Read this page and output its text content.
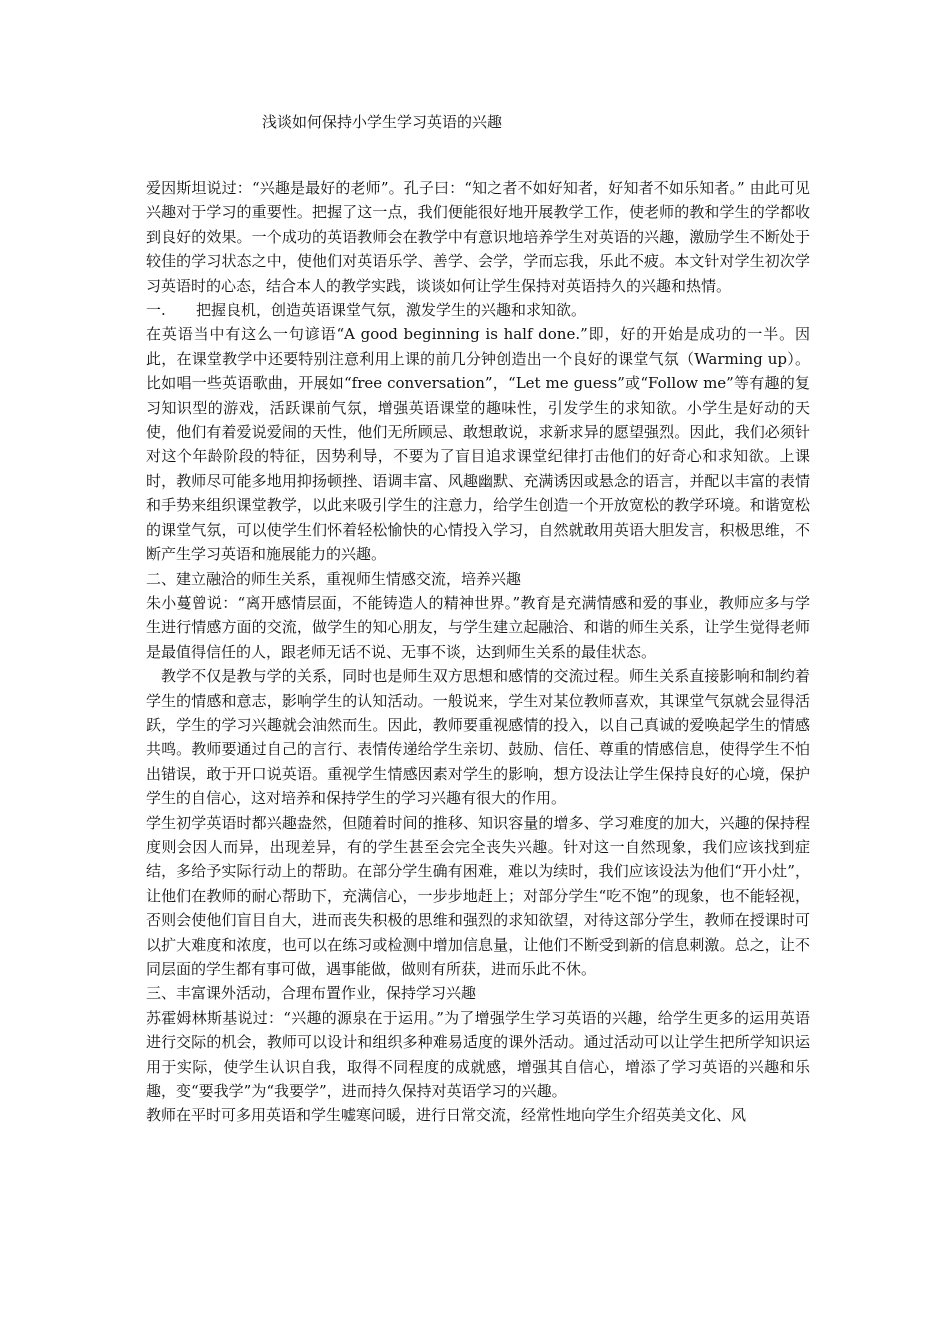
浅谈如何保持小学生学习英语的兴趣

爱因斯坦说过：“兴趣是最好的老师”。孔子曰：“知之者不如好知者，好知者不如乐知者。” 由此可见兴趣对于学习的重要性。把握了这一点，我们便能很好地开展教学工作，使老师的教和学生的学都收到良好的效果。一个成功的英语教师会在教学中有意识地培养学生对英语的兴趣，激励学生不断处于较佳的学习状态之中，使他们对英语乐学、善学、会学，学而忘我，乐此不疲。本文针对学生初次学习英语时的心态，结合本人的教学实践，谈谈如何让学生保持对英语持久的兴趣和热情。

一. 把握良机，创造英语课堂气氛，激发学生的兴趣和求知欲。

在英语当中有这么一句谚语“A good beginning is half done.”即，好的开始是成功的一半。因此，在课堂教学中还要特别注意利用上课的前几分钟创造出一个良好的课堂气氛（Warming up）。比如唱一些英语歌曲，开展如“free conversation”，“Let me guess”或“Follow me”等有趣的复习知识型的游戏，活跃课前气氛，增强英语课堂的趣味性，引发学生的求知欲。小学生是好动的天使，他们有着爱说爱闹的天性，他们无所顾忌、敢想敢说，求新求异的愿望强烈。因此，我们必须针对这个年龄阶段的特征，因势利导，不要为了盲目追求课堂纪律打击他们的好奇心和求知欲。上课时，教师尽可能多地用抑扬顿挫、语调丰富、风趣幽默、充满诱因或悬念的语言，并配以丰富的表情和手势来组织课堂教学，以此来吸引学生的注意力，给学生创造一个开放宽松的教学环境。和谐宽松的课堂气氛，可以使学生们怀着轻松愉快的心情投入学习，自然就敢用英语大胆发言，积极思维，不断产生学习英语和施展能力的兴趣。

二、建立融洽的师生关系，重视师生情感交流，培养兴趣

朱小蔓曾说：“离开感情层面，不能铸造人的精神世界。”教育是充满情感和爱的事业，教师应多与学生进行情感方面的交流，做学生的知心朋友，与学生建立起融洽、和谐的师生关系，让学生觉得老师是最值得信任的人，跟老师无话不说、无事不谈，达到师生关系的最佳状态。

教学不仅是教与学的关系，同时也是师生双方思想和感情的交流过程。师生关系直接影响和制约着学生的情感和意志，影响学生的认知活动。一般说来，学生对某位教师喜欢，其课堂气氛就会显得活跃，学生的学习兴趣就会油然而生。因此，教师要重视感情的投入，以自己真诚的爱唤起学生的情感共鸣。教师要通过自己的言行、表情传递给学生亲切、鼓励、信任、尊重的情感信息，使得学生不怕出错误，敢于开口说英语。重视学生情感因素对学生的影响，想方设法让学生保持良好的心境，保护学生的自信心，这对培养和保持学生的学习兴趣有很大的作用。

学生初学英语时都兴趣盎然，但随着时间的推移、知识容量的增多、学习难度的加大，兴趣的保持程度则会因人而异，出现差异，有的学生甚至会完全丧失兴趣。针对这一自然现象，我们应该找到症结，多给予实际行动上的帮助。在部分学生确有困难，难以为续时，我们应该设法为他们“开小灶”，让他们在教师的耐心帮助下，充满信心，一步步地赶上；对部分学生“吃不饱”的现象，也不能轻视，否则会使他们盲目自大，进而丧失积极的思维和强烈的求知欲望，对待这部分学生，教师在授课时可以扩大难度和浓度，也可以在练习或检测中增加信息量，让他们不断受到新的信息刺激。总之，让不同层面的学生都有事可做，遇事能做，做则有所获，进而乐此不休。

三、丰富课外活动，合理布置作业，保持学习兴趣

苏霍姆林斯基说过：“兴趣的源泉在于运用。”为了增强学生学习英语的兴趣，给学生更多的运用英语进行交际的机会，教师可以设计和组织多种难易适度的课外活动。通过活动可以让学生把所学知识运用于实际，使学生认识自我，取得不同程度的成就感，增强其自信心，增添了学习英语的兴趣和乐趣，变“要我学”为“我要学”，进而持久保持对英语学习的兴趣。

教师在平时可多用英语和学生嘘寒问暖，进行日常交流，经常性地向学生介绍英美文化、风
